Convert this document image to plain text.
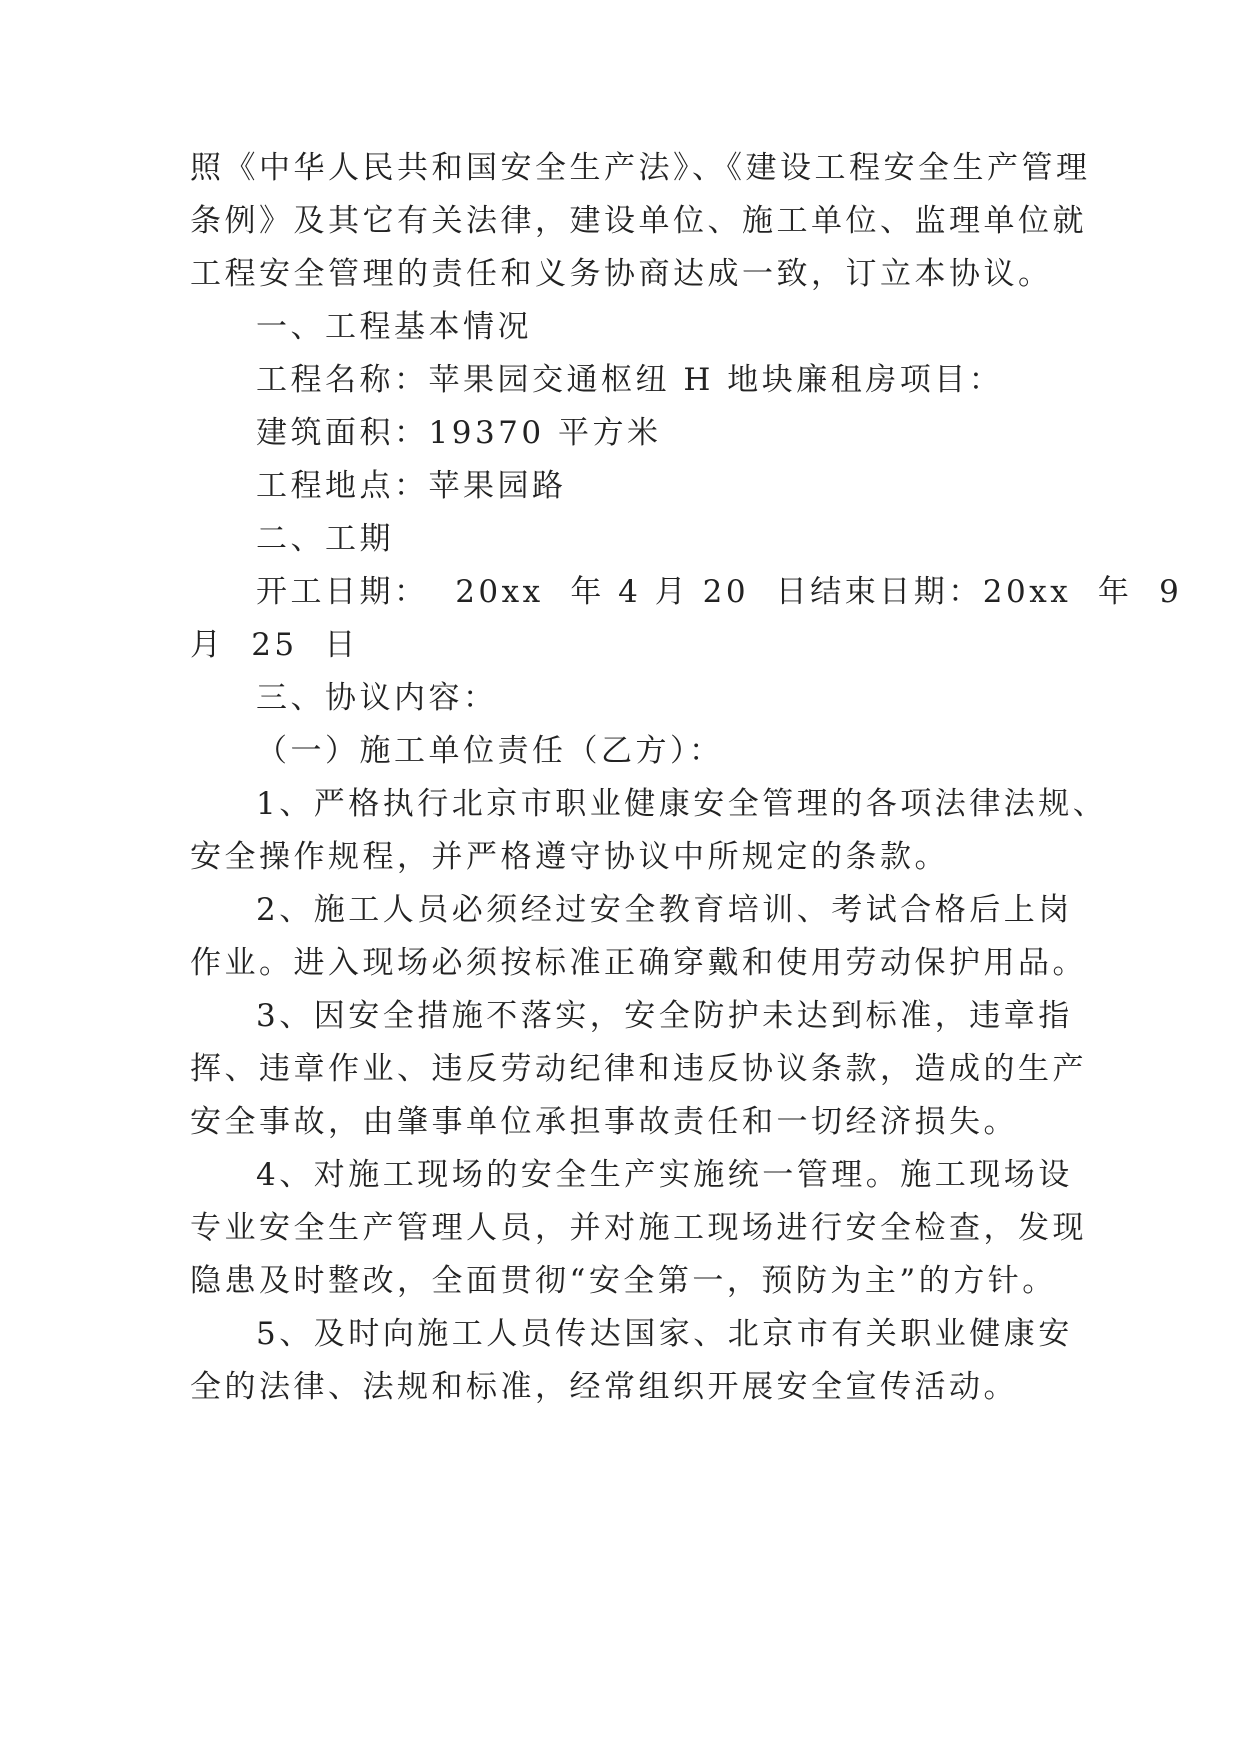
照《中华人民共和国安全生产法》、《建设工程安全生产管理
条例》及其它有关法律，建设单位、施工单位、监理单位就
工程安全管理的责任和义务协商达成一致，订立本协议。
一、工程基本情况
工程名称：苹果园交通枢纽 H 地块廉租房项目：
建筑面积：19370 平方米
工程地点：苹果园路
二、工期
开工日期：  20xx  年 4 月 20  日结束日期：20xx  年  9
月  25  日
三、协议内容：
（一）施工单位责任（乙方）：
1、严格执行北京市职业健康安全管理的各项法律法规、
安全操作规程，并严格遵守协议中所规定的条款。
2、施工人员必须经过安全教育培训、考试合格后上岗
作业。进入现场必须按标准正确穿戴和使用劳动保护用品。
3、因安全措施不落实，安全防护未达到标准，违章指
挥、违章作业、违反劳动纪律和违反协议条款，造成的生产
安全事故，由肇事单位承担事故责任和一切经济损失。
4、对施工现场的安全生产实施统一管理。施工现场设
专业安全生产管理人员，并对施工现场进行安全检查，发现
隐患及时整改，全面贯彻“安全第一，预防为主”的方针。
5、及时向施工人员传达国家、北京市有关职业健康安
全的法律、法规和标准，经常组织开展安全宣传活动。
